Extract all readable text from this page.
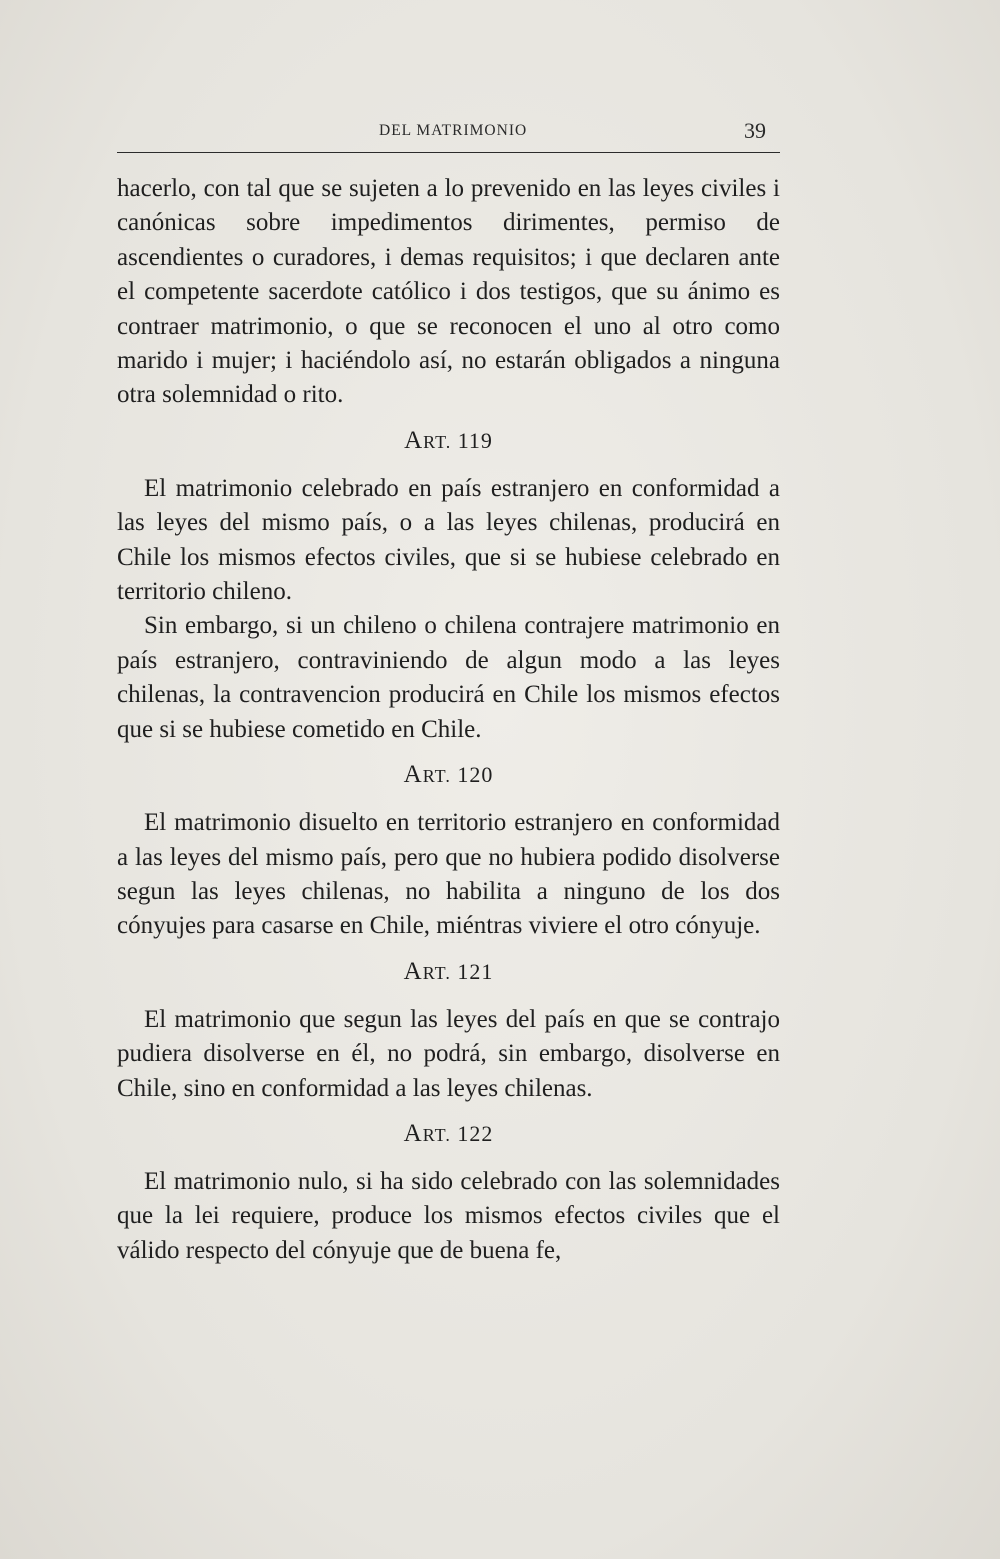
DEL MATRIMONIO	39

hacerlo, con tal que se sujeten a lo prevenido en las leyes civiles i canónicas sobre impedimentos dirimentes, permiso de ascendientes o curadores, i demas requisitos; i que declaren ante el competente sacerdote católico i dos testigos, que su ánimo es contraer matrimonio, o que se reconocen el uno al otro como marido i mujer; i haciéndolo así, no estarán obligados a ninguna otra solemnidad o rito.

ART. 119

El matrimonio celebrado en país estranjero en conformidad a las leyes del mismo país, o a las leyes chilenas, producirá en Chile los mismos efectos civiles, que si se hubiese celebrado en territorio chileno.

Sin embargo, si un chileno o chilena contrajere matrimonio en país estranjero, contraviniendo de algun modo a las leyes chilenas, la contravencion producirá en Chile los mismos efectos que si se hubiese cometido en Chile.

ART. 120

El matrimonio disuelto en territorio estranjero en conformidad a las leyes del mismo país, pero que no hubiera podido disolverse segun las leyes chilenas, no habilita a ninguno de los dos cónyujes para casarse en Chile, miéntras viviere el otro cónyuje.

ART. 121

El matrimonio que segun las leyes del país en que se contrajo pudiera disolverse en él, no podrá, sin embargo, disolverse en Chile, sino en conformidad a las leyes chilenas.

ART. 122

El matrimonio nulo, si ha sido celebrado con las solemnidades que la lei requiere, produce los mismos efectos civiles que el válido respecto del cónyuje que de buena fe,
